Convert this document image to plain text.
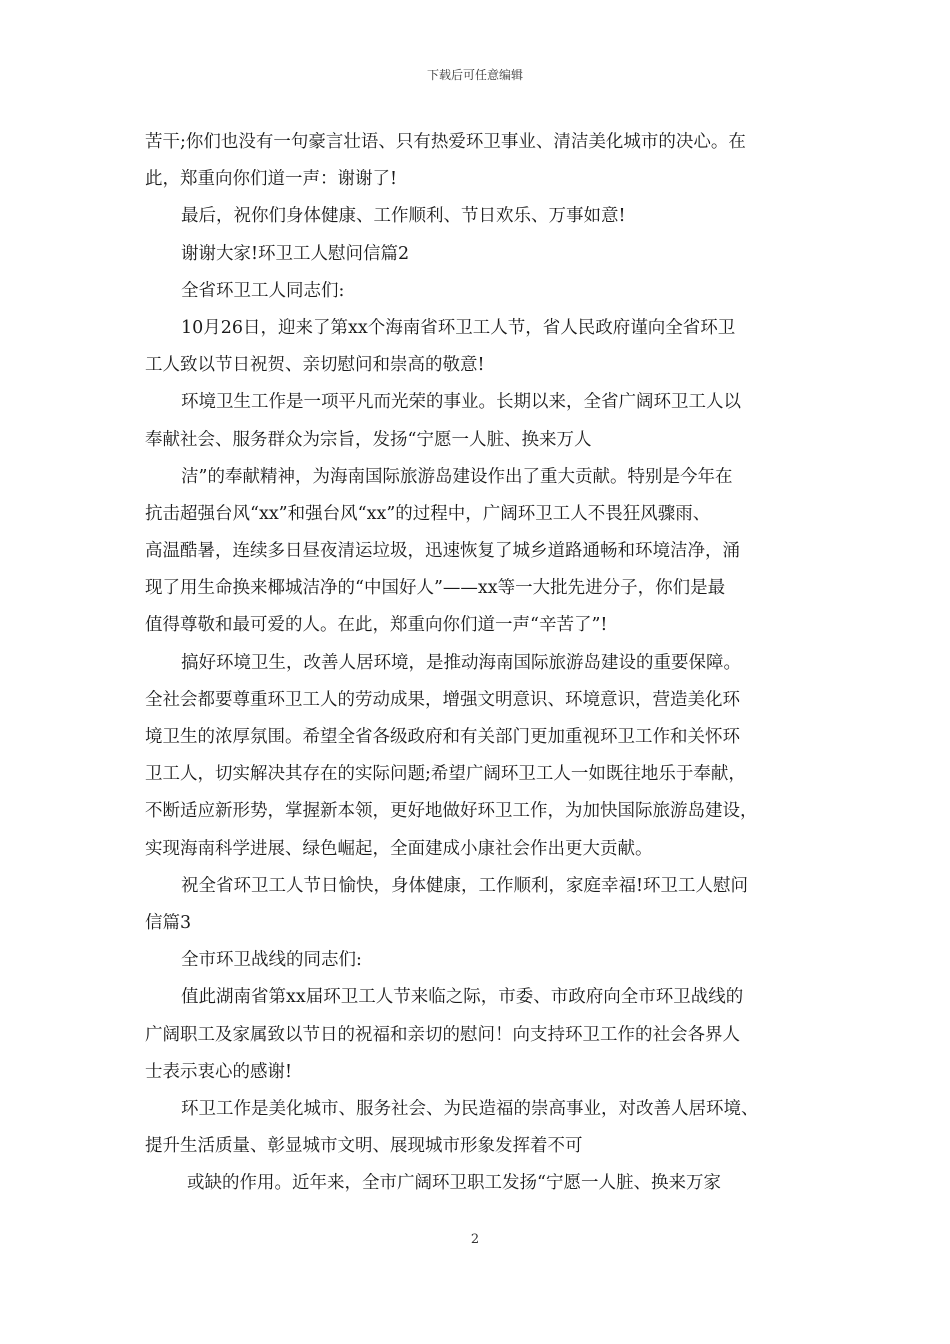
下载后可任意编辑
苦干;你们也没有一句豪言壮语、只有热爱环卫事业、清洁美化城市的决心。在
此，郑重向你们道一声：谢谢了!
最后，祝你们身体健康、工作顺利、节日欢乐、万事如意!
谢谢大家!环卫工人慰问信篇2
全省环卫工人同志们:
10月26日，迎来了第xx个海南省环卫工人节，省人民政府谨向全省环卫
工人致以节日祝贺、亲切慰问和崇高的敬意!
环境卫生工作是一项平凡而光荣的事业。长期以来，全省广阔环卫工人以
奉献社会、服务群众为宗旨，发扬“宁愿一人脏、换来万人
洁”的奉献精神，为海南国际旅游岛建设作出了重大贡献。特别是今年在
抗击超强台风“xx”和强台风“xx”的过程中，广阔环卫工人不畏狂风骤雨、
高温酷暑，连续多日昼夜清运垃圾，迅速恢复了城乡道路通畅和环境洁净，涌
现了用生命换来椰城洁净的“中国好人”——xx等一大批先进分子，你们是最
值得尊敬和最可爱的人。在此，郑重向你们道一声“辛苦了”!
搞好环境卫生，改善人居环境，是推动海南国际旅游岛建设的重要保障。
全社会都要尊重环卫工人的劳动成果，增强文明意识、环境意识，营造美化环
境卫生的浓厚氛围。希望全省各级政府和有关部门更加重视环卫工作和关怀环
卫工人，切实解决其存在的实际问题;希望广阔环卫工人一如既往地乐于奉献，
不断适应新形势，掌握新本领，更好地做好环卫工作，为加快国际旅游岛建设，
实现海南科学进展、绿色崛起，全面建成小康社会作出更大贡献。
祝全省环卫工人节日愉快，身体健康，工作顺利，家庭幸福!环卫工人慰问
信篇3
全市环卫战线的同志们:
值此湖南省第xx届环卫工人节来临之际，市委、市政府向全市环卫战线的
广阔职工及家属致以节日的祝福和亲切的慰问！向支持环卫工作的社会各界人
士表示衷心的感谢!
环卫工作是美化城市、服务社会、为民造福的崇高事业，对改善人居环境、
提升生活质量、彰显城市文明、展现城市形象发挥着不可
或缺的作用。近年来，全市广阔环卫职工发扬“宁愿一人脏、换来万家
2
